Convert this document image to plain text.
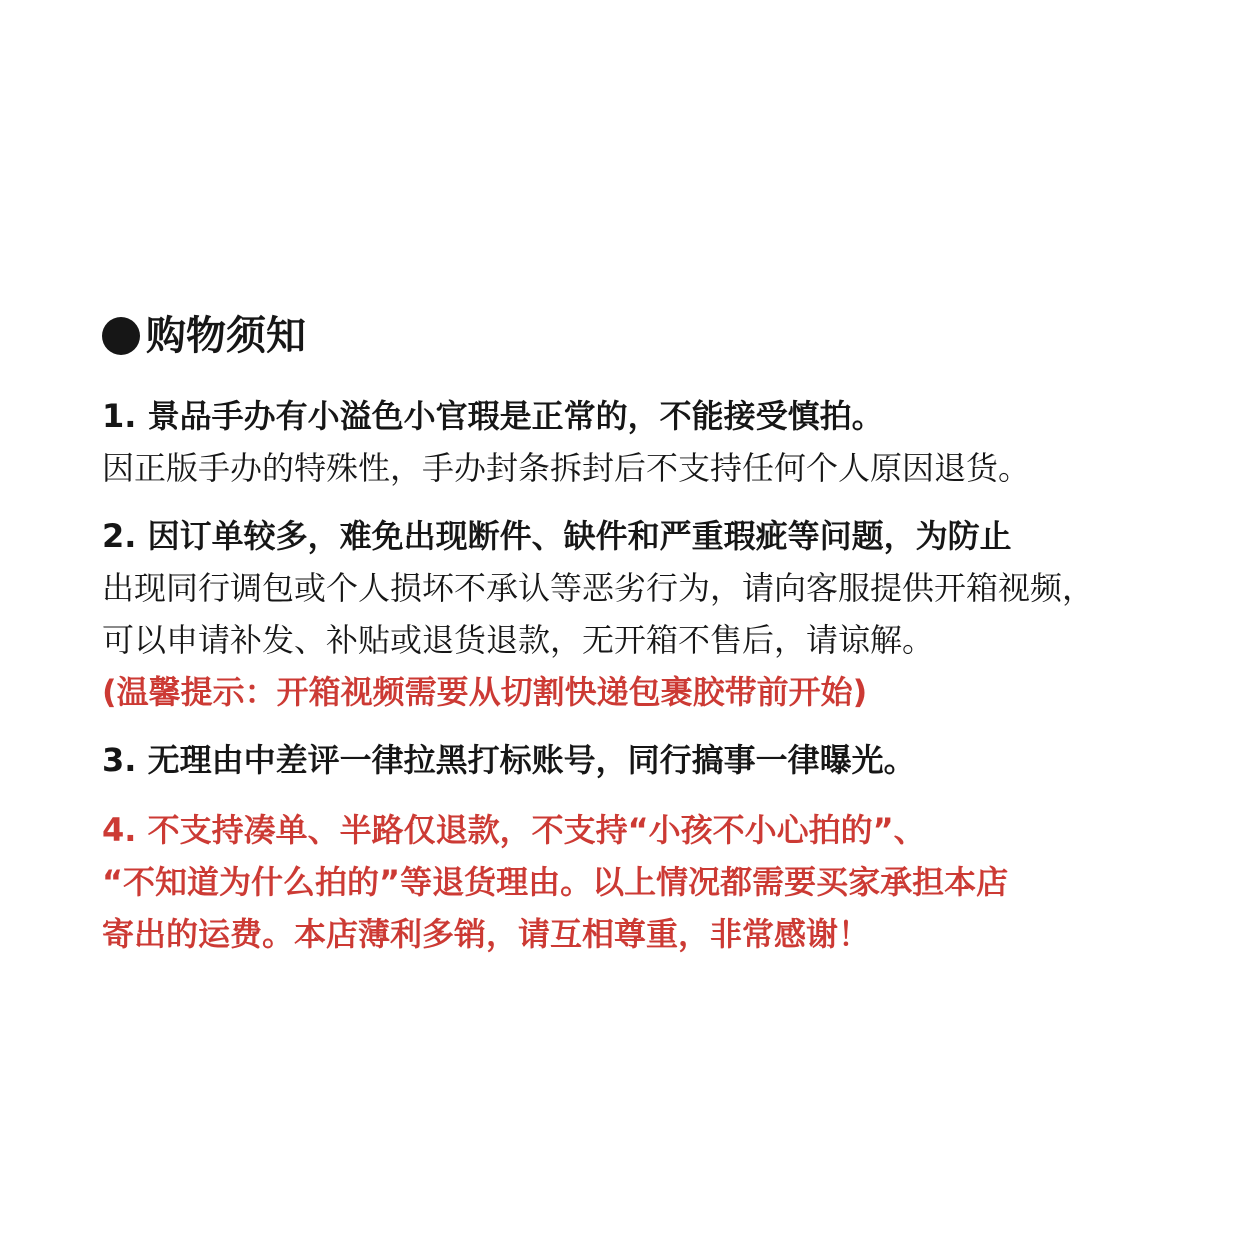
购物须知
1. 景品手办有小溢色小官瑕是正常的，不能接受慎拍。
因正版手办的特殊性，手办封条拆封后不支持任何个人原因退货。
2. 因订单较多，难免出现断件、缺件和严重瑕疵等问题，为防止
出现同行调包或个人损坏不承认等恶劣行为，请向客服提供开箱视频，
可以申请补发、补贴或退货退款，无开箱不售后，请谅解。
(温馨提示：开箱视频需要从切割快递包裹胶带前开始)
3. 无理由中差评一律拉黑打标账号，同行搞事一律曝光。
4. 不支持凑单、半路仅退款，不支持“小孩不小心拍的”、
“不知道为什么拍的”等退货理由。以上情况都需要买家承担本店
寄出的运费。本店薄利多销，请互相尊重，非常感谢！
